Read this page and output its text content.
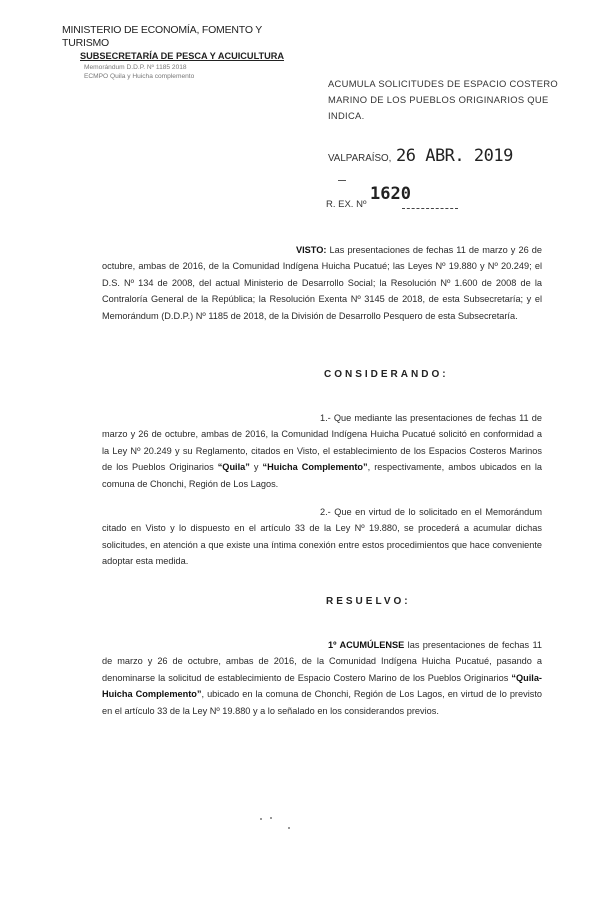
MINISTERIO DE ECONOMÍA, FOMENTO Y TURISMO
SUBSECRETARÍA DE PESCA Y ACUICULTURA
Memorándum D.D.P. Nº 1185 2018
ECMPO Quila y Huicha complemento
ACUMULA SOLICITUDES DE ESPACIO COSTERO MARINO DE LOS PUEBLOS ORIGINARIOS QUE INDICA.
VALPARAÍSO, 26 ABR. 2019
R. EX. Nº
1620
VISTO: Las presentaciones de fechas 11 de marzo y 26 de octubre, ambas de 2016, de la Comunidad Indígena Huicha Pucatué; las Leyes Nº 19.880 y Nº 20.249; el D.S. Nº 134 de 2008, del actual Ministerio de Desarrollo Social; la Resolución Nº 1.600 de 2008 de la Contraloría General de la República; la Resolución Exenta Nº 3145 de 2018, de esta Subsecretaría; y el Memorándum (D.D.P.) Nº 1185 de 2018, de la División de Desarrollo Pesquero de esta Subsecretaría.
CONSIDERANDO:
1.- Que mediante las presentaciones de fechas 11 de marzo y 26 de octubre, ambas de 2016, la Comunidad Indígena Huicha Pucatué solicitó en conformidad a la Ley Nº 20.249 y su Reglamento, citados en Visto, el establecimiento de los Espacios Costeros Marinos de los Pueblos Originarios “Quila” y “Huicha Complemento”, respectivamente, ambos ubicados en la comuna de Chonchi, Región de Los Lagos.
2.- Que en virtud de lo solicitado en el Memorándum citado en Visto y lo dispuesto en el artículo 33 de la Ley Nº 19.880, se procederá a acumular dichas solicitudes, en atención a que existe una íntima conexión entre estos procedimientos que hace conveniente adoptar esta medida.
RESUELVO:
1º ACUMÚLENSE las presentaciones de fechas 11 de marzo y 26 de octubre, ambas de 2016, de la Comunidad Indígena Huicha Pucatué, pasando a denominarse la solicitud de establecimiento de Espacio Costero Marino de los Pueblos Originarios “Quila-Huicha Complemento”, ubicado en la comuna de Chonchi, Región de Los Lagos, en virtud de lo previsto en el artículo 33 de la Ley Nº 19.880 y a lo señalado en los considerandos previos.
